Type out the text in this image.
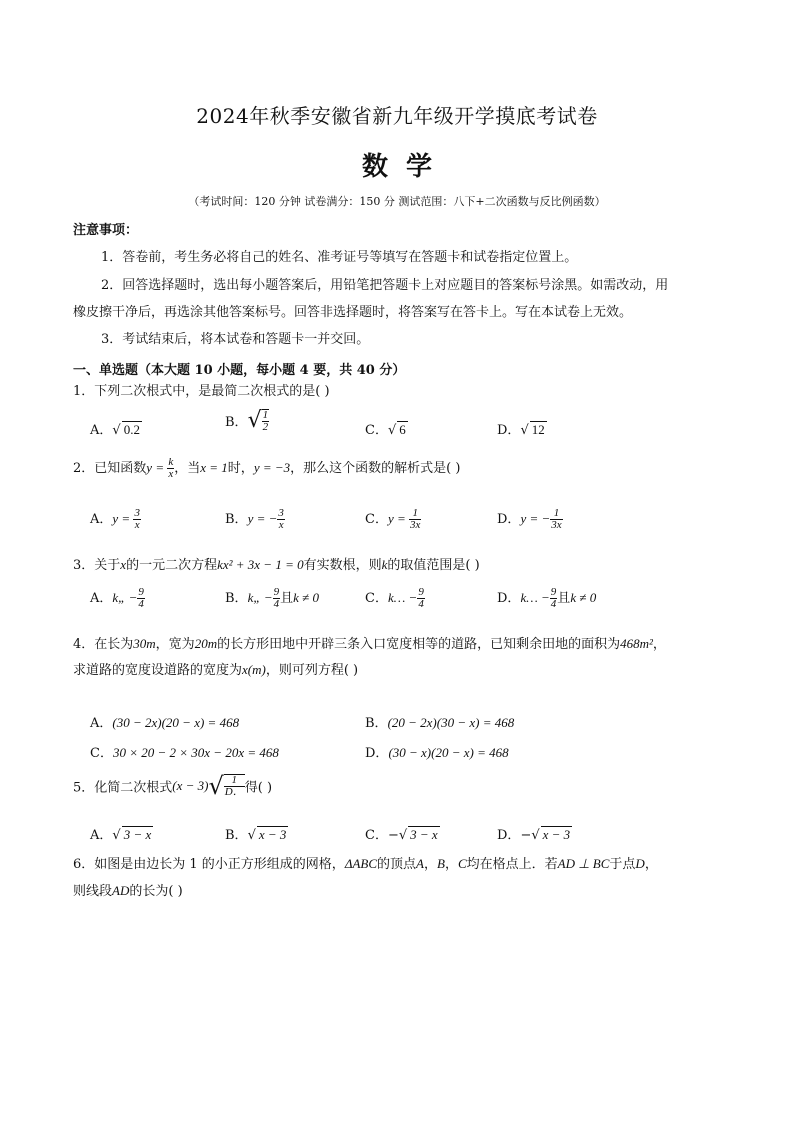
2024年秋季安徽省新九年级开学摸底考试卷
数学
（考试时间：120 分钟 试卷满分：150 分 测试范围：八下+二次函数与反比例函数）
注意事项：
1．答卷前，考生务必将自己的姓名、准考证号等填写在答题卡和试卷指定位置上。
2．回答选择题时，选出每小题答案后，用铅笔把答题卡上对应题目的答案标号涂黑。如需改动，用
橡皮擦干净后，再选涂其他答案标号。回答非选择题时，将答案写在答卡上。写在本试卷上无效。
3．考试结束后，将本试卷和答题卡一并交回。
一、单选题（本大题 10 小题，每小题 4 要，共 40 分）
1．下列二次根式中，是最简二次根式的是( )
A．√ 0.2	B．√ $\frac{1}{2}$	C．√ 6	D．√ 12
2．已知函数$y = \frac{k}{x}$ ，当x = 1时，y = −3，那么这个函数的解析式是( )
A．$y = \frac{3}{x}$	B．y = − $\frac{3}{x}$	C．$y = \frac{1}{3x}$	D．y = − $\frac{1}{3x}$
3．关于x的一元二次方程kx² + 3x − 1 = 0有实数根，则k的取值范围是( )
A．k„ − $\frac{9}{4}$	B．k„ − $\frac{9}{4}$ 且k ≠ 0	C．k… − $\frac{9}{4}$	D．k… − $\frac{9}{4}$ 且k ≠ 0
4．在长为30m，宽为20m的长方形田地中开辟三条入口宽度相等的道路，已知剩余田地的面积为468m²，
求道路的宽度设道路的宽度为x(m)，则可列方程( )
A．(30 − 2x)(20 − x) = 468	B．(20 − 2x)(30 − x) = 468
C．30 × 20 − 2 × 30x − 20x = 468	D．(30 − x)(20 − x) = 468
5．化简二次根式$(x - 3)√ \frac{1}{D.}$ 得( )
A．√ 3 − x	B．√ x − 3	C．−√ 3 − x	D．−√ x − 3
6．如图是由边长为 1 的小正方形组成的网格，ΔABC的顶点A，B，C均在格点上．若AD ⊥ BC于点D，
则线段AD的长为( )
